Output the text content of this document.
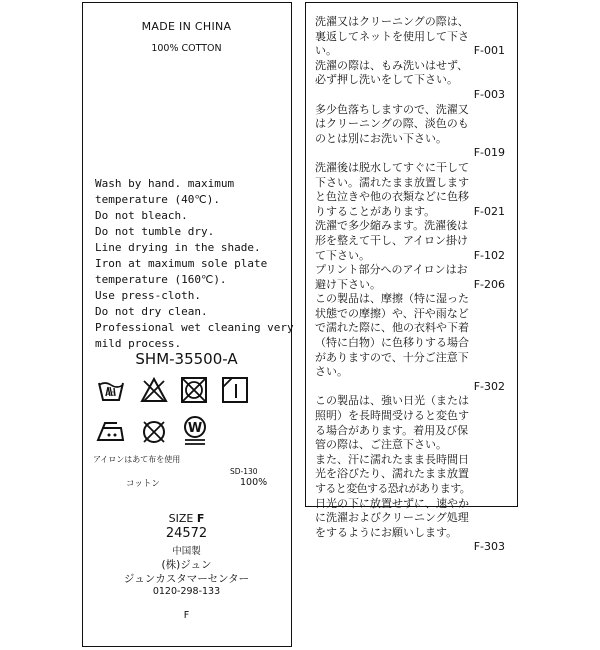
MADE IN CHINA
100% COTTON

Wash by hand. maximum

temperature (40℃).

Do not bleach.

Do not tumble dry.

Line drying in the shade.

Iron at maximum sole plate

temperature (160℃).

Use press-cloth.

Do not dry clean.

Professional wet cleaning very

mild process.

SHM-35500-A
40
W
アイロンはあて布を使用
SD-130
コットン	100%
SIZE F
24572
中国製
(株)ジュン
ジュンカスタマーセンター
0120-298-133
F
洗濯又はクリーニングの際は、
裏返してネットを使用して下さ
い。	F-001
洗濯の際は、もみ洗いはせず、
必ず押し洗いをして下さい。
F-003
多少色落ちしますので、洗濯又
はクリーニングの際、淡色のも
のとは別にお洗い下さい。
F-019
洗濯後は脱水してすぐに干して
下さい。濡れたまま放置します
と色泣きや他の衣類などに色移
りすることがあります。	F-021
洗濯で多少縮みます。洗濯後は
形を整えて干し、アイロン掛け
て下さい。	F-102
プリント部分へのアイロンはお
避け下さい。	F-206
この製品は、摩擦（特に湿った
状態での摩擦）や、汗や雨など
で濡れた際に、他の衣料や下着
（特に白物）に色移りする場合
がありますので、十分ご注意下
さい。
F-302
この製品は、強い日光（または
照明）を長時間受けると変色す
る場合があります。着用及び保
管の際は、ご注意下さい。
また、汗に濡れたまま長時間日
光を浴びたり、濡れたまま放置
すると変色する恐れがあります。
日光の下に放置せずに、速やか
に洗濯およびクリーニング処理
をするようにお願いします。
F-303
